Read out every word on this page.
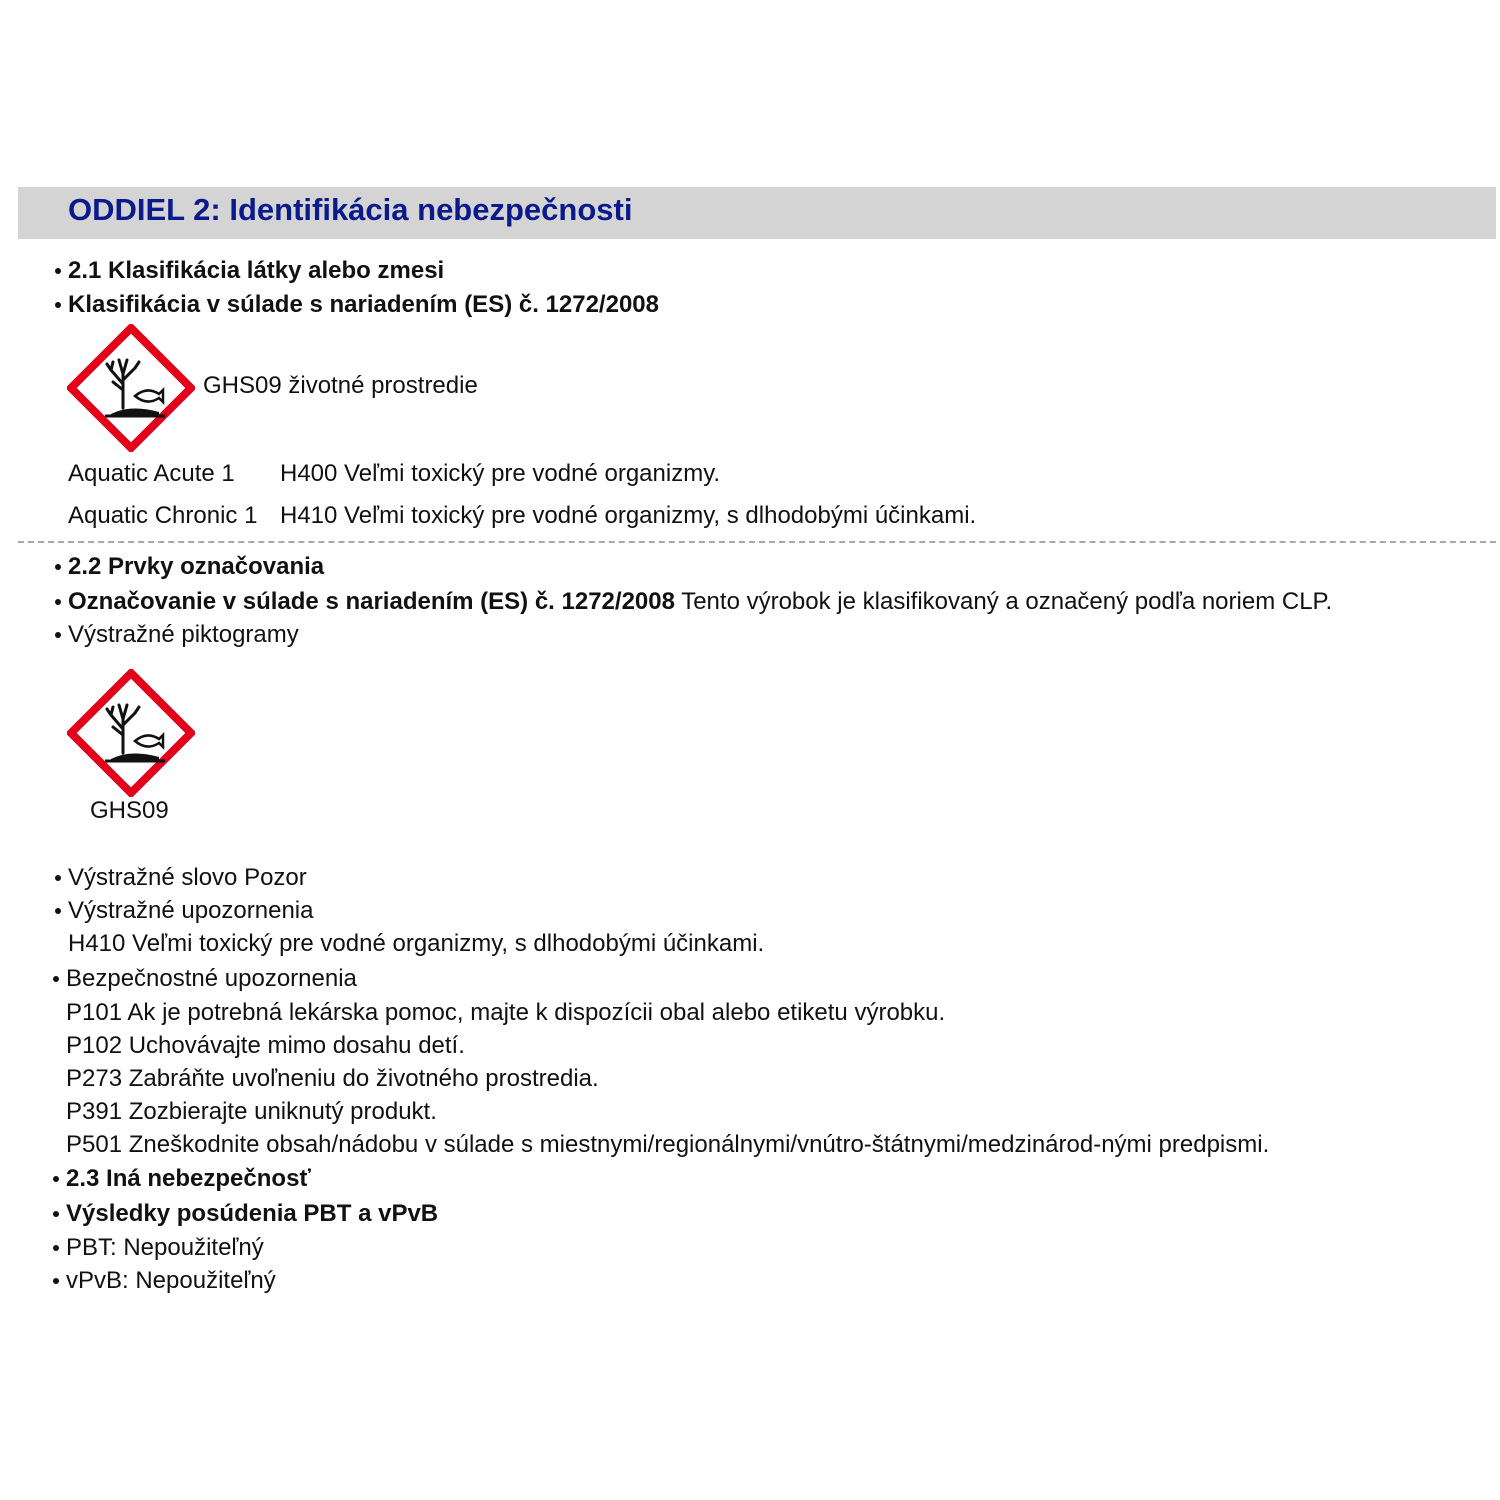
ODDIEL 2: Identifikácia nebezpečnosti
2.1 Klasifikácia látky alebo zmesi
Klasifikácia v súlade s nariadením (ES) č. 1272/2008
GHS09 životné prostredie
Aquatic Acute 1 H400 Veľmi toxický pre vodné organizmy.
Aquatic Chronic 1 H410 Veľmi toxický pre vodné organizmy, s dlhodobými účinkami.
2.2 Prvky označovania
Označovanie v súlade s nariadením (ES) č. 1272/2008 Tento výrobok je klasifikovaný a označený podľa noriem CLP.
Výstražné piktogramy
GHS09
Výstražné slovo Pozor
Výstražné upozornenia
H410 Veľmi toxický pre vodné organizmy, s dlhodobými účinkami.
Bezpečnostné upozornenia
P101 Ak je potrebná lekárska pomoc, majte k dispozícii obal alebo etiketu výrobku.
P102 Uchovávajte mimo dosahu detí.
P273 Zabráňte uvoľneniu do životného prostredia.
P391 Zozbierajte uniknutý produkt.
P501 Zneškodnite obsah/nádobu v súlade s miestnymi/regionálnymi/vnútro-štátnymi/medzinárod-nými predpismi.
2.3 Iná nebezpečnosť
Výsledky posúdenia PBT a vPvB
PBT: Nepoužiteľný
vPvB: Nepoužiteľný
